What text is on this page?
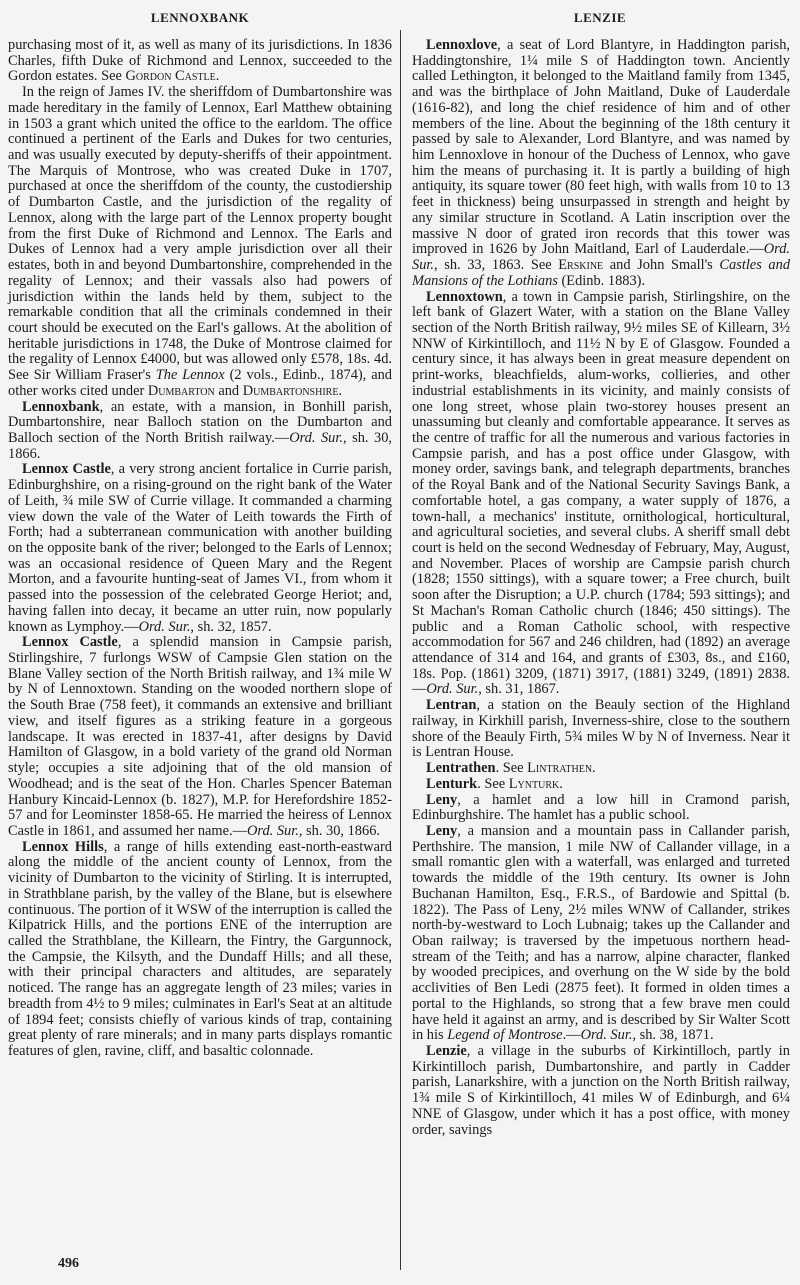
LENNOXBANK	LENZIE

purchasing most of it, as well as many of its jurisdictions. In 1836 Charles, fifth Duke of Richmond and Lennox, succeeded to the Gordon estates. See Gordon Castle.

In the reign of James IV. the sheriffdom of Dumbartonshire was made hereditary in the family of Lennox, Earl Matthew obtaining in 1503 a grant which united the office to the earldom. The office continued a pertinent of the Earls and Dukes for two centuries, and was usually executed by deputy-sheriffs of their appointment. The Marquis of Montrose, who was created Duke in 1707, purchased at once the sheriffdom of the county, the custodiership of Dumbarton Castle, and the jurisdiction of the regality of Lennox, along with the large part of the Lennox property bought from the first Duke of Richmond and Lennox. The Earls and Dukes of Lennox had a very ample jurisdiction over all their estates, both in and beyond Dumbartonshire, comprehended in the regality of Lennox; and their vassals also had powers of jurisdiction within the lands held by them, subject to the remarkable condition that all the criminals condemned in their court should be executed on the Earl's gallows. At the abolition of heritable jurisdictions in 1748, the Duke of Montrose claimed for the regality of Lennox £4000, but was allowed only £578, 18s. 4d. See Sir William Fraser's The Lennox (2 vols., Edinb., 1874), and other works cited under Dumbarton and Dumbartonshire.

Lennoxbank, an estate, with a mansion, in Bonhill parish, Dumbartonshire, near Balloch station on the Dumbarton and Balloch section of the North British railway.—Ord. Sur., sh. 30, 1866.

Lennox Castle, a very strong ancient fortalice in Currie parish, Edinburghshire, on a rising-ground on the right bank of the Water of Leith, ¾ mile SW of Currie village. It commanded a charming view down the vale of the Water of Leith towards the Firth of Forth; had a subterranean communication with another building on the opposite bank of the river; belonged to the Earls of Lennox; was an occasional residence of Queen Mary and the Regent Morton, and a favourite hunting-seat of James VI., from whom it passed into the possession of the celebrated George Heriot; and, having fallen into decay, it became an utter ruin, now popularly known as Lymphoy.—Ord. Sur., sh. 32, 1857.

Lennox Castle, a splendid mansion in Campsie parish, Stirlingshire, 7 furlongs WSW of Campsie Glen station on the Blane Valley section of the North British railway, and 1¾ mile W by N of Lennoxtown. Standing on the wooded northern slope of the South Brae (758 feet), it commands an extensive and brilliant view, and itself figures as a striking feature in a gorgeous landscape. It was erected in 1837-41, after designs by David Hamilton of Glasgow, in a bold variety of the grand old Norman style; occupies a site adjoining that of the old mansion of Woodhead; and is the seat of the Hon. Charles Spencer Bateman Hanbury Kincaid-Lennox (b. 1827), M.P. for Herefordshire 1852-57 and for Leominster 1858-65. He married the heiress of Lennox Castle in 1861, and assumed her name.—Ord. Sur., sh. 30, 1866.

Lennox Hills, a range of hills extending east-north-eastward along the middle of the ancient county of Lennox, from the vicinity of Dumbarton to the vicinity of Stirling. It is interrupted, in Strathblane parish, by the valley of the Blane, but is elsewhere continuous. The portion of it WSW of the interruption is called the Kilpatrick Hills, and the portions ENE of the interruption are called the Strathblane, the Killearn, the Fintry, the Gargunnock, the Campsie, the Kilsyth, and the Dundaff Hills; and all these, with their principal characters and altitudes, are separately noticed. The range has an aggregate length of 23 miles; varies in breadth from 4½ to 9 miles; culminates in Earl's Seat at an altitude of 1894 feet; consists chiefly of various kinds of trap, containing great plenty of rare minerals; and in many parts displays romantic features of glen, ravine, cliff, and basaltic colonnade.

Lennoxlove, a seat of Lord Blantyre, in Haddington parish, Haddingtonshire, 1¼ mile S of Haddington town. Anciently called Lethington, it belonged to the Maitland family from 1345, and was the birthplace of John Maitland, Duke of Lauderdale (1616-82), and long the chief residence of him and of other members of the line. About the beginning of the 18th century it passed by sale to Alexander, Lord Blantyre, and was named by him Lennoxlove in honour of the Duchess of Lennox, who gave him the means of purchasing it. It is partly a building of high antiquity, its square tower (80 feet high, with walls from 10 to 13 feet in thickness) being unsurpassed in strength and height by any similar structure in Scotland. A Latin inscription over the massive N door of grated iron records that this tower was improved in 1626 by John Maitland, Earl of Lauderdale.—Ord. Sur., sh. 33, 1863. See Erskine and John Small's Castles and Mansions of the Lothians (Edinb. 1883).

Lennoxtown, a town in Campsie parish, Stirlingshire, on the left bank of Glazert Water, with a station on the Blane Valley section of the North British railway, 9½ miles SE of Killearn, 3½ NNW of Kirkintilloch, and 11½ N by E of Glasgow. Founded a century since, it has always been in great measure dependent on print-works, bleachfields, alum-works, collieries, and other industrial establishments in its vicinity, and mainly consists of one long street, whose plain two-storey houses present an unassuming but cleanly and comfortable appearance. It serves as the centre of traffic for all the numerous and various factories in Campsie parish, and has a post office under Glasgow, with money order, savings bank, and telegraph departments, branches of the Royal Bank and of the National Security Savings Bank, a comfortable hotel, a gas company, a water supply of 1876, a town-hall, a mechanics' institute, ornithological, horticultural, and agricultural societies, and several clubs. A sheriff small debt court is held on the second Wednesday of February, May, August, and November. Places of worship are Campsie parish church (1828; 1550 sittings), with a square tower; a Free church, built soon after the Disruption; a U.P. church (1784; 593 sittings); and St Machan's Roman Catholic church (1846; 450 sittings). The public and a Roman Catholic school, with respective accommodation for 567 and 246 children, had (1892) an average attendance of 314 and 164, and grants of £303, 8s., and £160, 18s. Pop. (1861) 3209, (1871) 3917, (1881) 3249, (1891) 2838.—Ord. Sur., sh. 31, 1867.

Lentran, a station on the Beauly section of the Highland railway, in Kirkhill parish, Inverness-shire, close to the southern shore of the Beauly Firth, 5¾ miles W by N of Inverness. Near it is Lentran House.

Lentrathen. See Lintrathen.

Lenturk. See Lynturk.

Leny, a hamlet and a low hill in Cramond parish, Edinburghshire. The hamlet has a public school.

Leny, a mansion and a mountain pass in Callander parish, Perthshire. The mansion, 1 mile NW of Callander village, in a small romantic glen with a waterfall, was enlarged and turreted towards the middle of the 19th century. Its owner is John Buchanan Hamilton, Esq., F.R.S., of Bardowie and Spittal (b. 1822). The Pass of Leny, 2½ miles WNW of Callander, strikes north-by-westward to Loch Lubnaig; takes up the Callander and Oban railway; is traversed by the impetuous northern head-stream of the Teith; and has a narrow, alpine character, flanked by wooded precipices, and overhung on the W side by the bold acclivities of Ben Ledi (2875 feet). It formed in olden times a portal to the Highlands, so strong that a few brave men could have held it against an army, and is described by Sir Walter Scott in his Legend of Montrose.—Ord. Sur., sh. 38, 1871.

Lenzie, a village in the suburbs of Kirkintilloch, partly in Kirkintilloch parish, Dumbartonshire, and partly in Cadder parish, Lanarkshire, with a junction on the North British railway, 1¾ mile S of Kirkintilloch, 41 miles W of Edinburgh, and 6¼ NNE of Glasgow, under which it has a post office, with money order, savings

496
